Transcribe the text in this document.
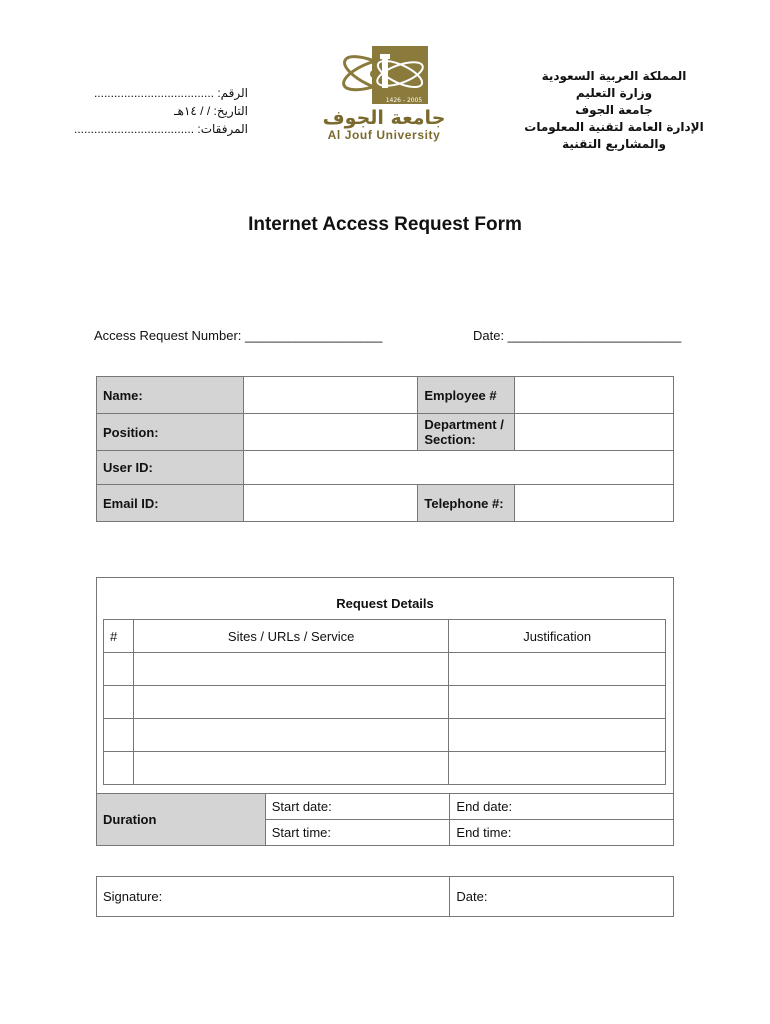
الرقم: ....................................
التاريخ: / / ١٤هـ
المرفقات: ....................................
1426 - 2005
جامعة الجوف
Al Jouf University
المملكة العربية السعودية
وزارة التعليم
جامعة الجوف
الإدارة العامة لتقنية المعلومات والمشاريع التقنية
Internet Access Request Form
Access Request Number: ___________________	Date: ________________________
Name:		Employee #	
Position:		Department / Section:	
User ID:			
Email ID:		Telephone #:	
Request Details
#	Sites / URLs / Service	Justification

Duration	Start date:	End date:
	Start time:	End time:
Signature:	Date:
